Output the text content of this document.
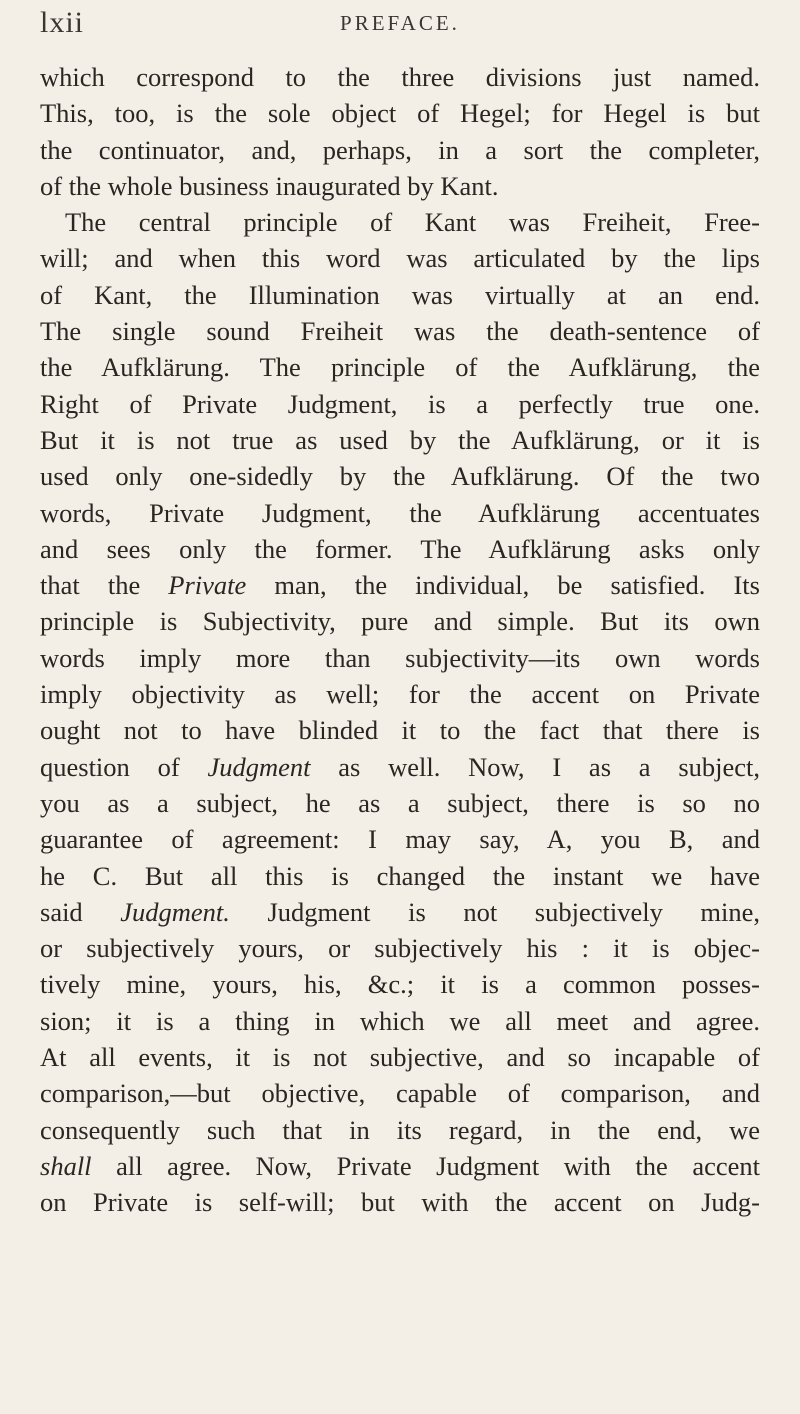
lxii	PREFACE.
which correspond to the three divisions just named.
This, too, is the sole object of Hegel; for Hegel is but
the continuator, and, perhaps, in a sort the completer,
of the whole business inaugurated by Kant.
The central principle of Kant was Freiheit, Free-
will; and when this word was articulated by the lips
of Kant, the Illumination was virtually at an end.
The single sound Freiheit was the death-sentence of
the Aufklärung. The principle of the Aufklärung, the
Right of Private Judgment, is a perfectly true one.
But it is not true as used by the Aufklärung, or it is
used only one-sidedly by the Aufklärung. Of the two
words, Private Judgment, the Aufklärung accentuates
and sees only the former. The Aufklärung asks only
that the Private man, the individual, be satisfied. Its
principle is Subjectivity, pure and simple. But its own
words imply more than subjectivity—its own words
imply objectivity as well; for the accent on Private
ought not to have blinded it to the fact that there is
question of Judgment as well. Now, I as a subject,
you as a subject, he as a subject, there is so no
guarantee of agreement: I may say, A, you B, and
he C. But all this is changed the instant we have
said Judgment. Judgment is not subjectively mine,
or subjectively yours, or subjectively his : it is objec-
tively mine, yours, his, &c.; it is a common posses-
sion; it is a thing in which we all meet and agree.
At all events, it is not subjective, and so incapable of
comparison,—but objective, capable of comparison, and
consequently such that in its regard, in the end, we
shall all agree. Now, Private Judgment with the accent
on Private is self-will; but with the accent on Judg-
